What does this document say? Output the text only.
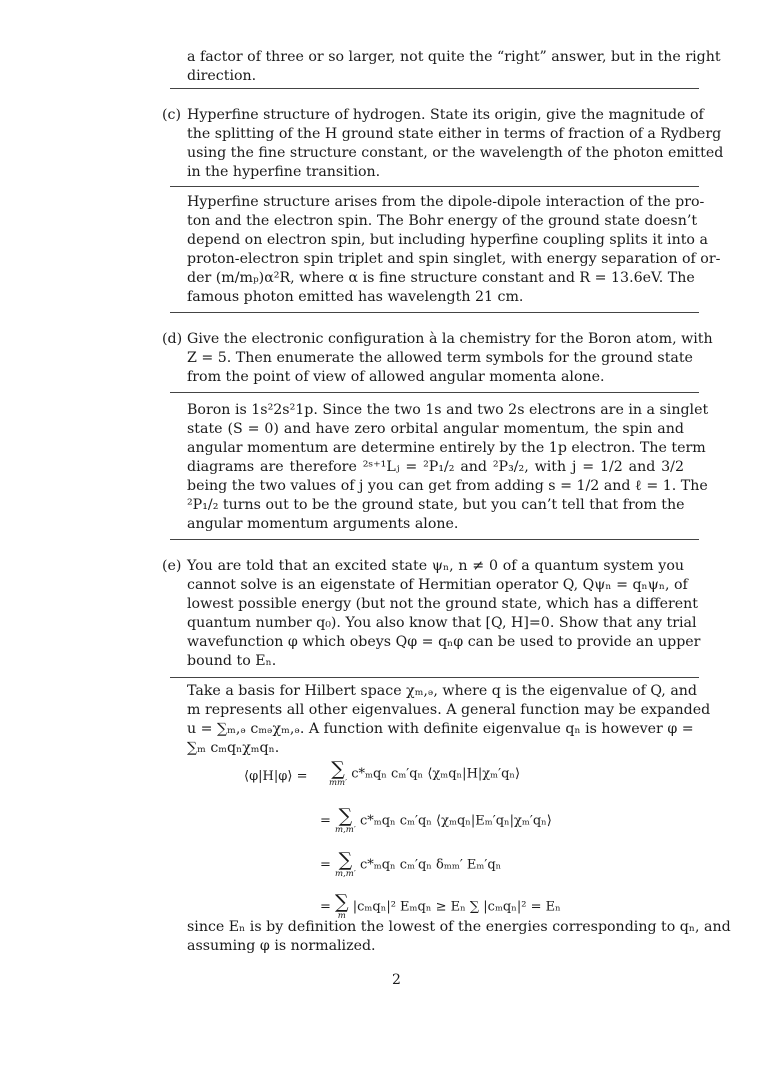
a factor of three or so larger, not quite the “right” answer, but in the right
direction.
(c) Hyperfine structure of hydrogen. State its origin, give the magnitude of
the splitting of the H ground state either in terms of fraction of a Rydberg
using the fine structure constant, or the wavelength of the photon emitted
in the hyperfine transition.
Hyperfine structure arises from the dipole-dipole interaction of the pro-
ton and the electron spin. The Bohr energy of the ground state doesn’t
depend on electron spin, but including hyperfine coupling splits it into a
proton-electron spin triplet and spin singlet, with energy separation of or-
der (m/mₚ)α²R, where α is fine structure constant and R = 13.6eV. The
famous photon emitted has wavelength 21 cm.
(d) Give the electronic configuration à la chemistry for the Boron atom, with
Z = 5. Then enumerate the allowed term symbols for the ground state
from the point of view of allowed angular momenta alone.
Boron is 1s²2s²1p. Since the two 1s and two 2s electrons are in a singlet
state (S = 0) and have zero orbital angular momentum, the spin and
angular momentum are determine entirely by the 1p electron. The term
diagrams are therefore ²ˢ⁺¹Lⱼ = ²P₁/₂ and ²P₃/₂, with j = 1/2 and 3/2
being the two values of j you can get from adding s = 1/2 and ℓ = 1. The
²P₁/₂ turns out to be the ground state, but you can’t tell that from the
angular momentum arguments alone.
(e) You are told that an excited state ψₙ, n ≠ 0 of a quantum system you
cannot solve is an eigenstate of Hermitian operator Q, Qψₙ = qₙψₙ, of
lowest possible energy (but not the ground state, which has a different
quantum number q₀). You also know that [Q, H]=0. Show that any trial
wavefunction φ which obeys Qφ = qₙφ can be used to provide an upper
bound to Eₙ.
Take a basis for Hilbert space χₘ,ₔ, where q is the eigenvalue of Q, and
m represents all other eigenvalues. A general function may be expanded
u = ∑ₘ,ₔ cₘₔχₘ,ₔ. A function with definite eigenvalue qₙ is however φ =
∑ₘ cₘqₙχₘqₙ.
⟨φ|H|φ⟩ = ∑
mm′
c*ₘqₙ cₘ′qₙ ⟨χₘqₙ|H|χₘ′qₙ⟩
= ∑
m,m′
c*ₘqₙ cₘ′qₙ ⟨χₘqₙ|Eₘ′qₙ|χₘ′qₙ⟩
= ∑
m,m′
c*ₘqₙ cₘ′qₙ δₘₘ′ Eₘ′qₙ
= ∑
m
|cₘqₙ|² Eₘqₙ ≥ Eₙ ∑ |cₘqₙ|² = Eₙ
since Eₙ is by definition the lowest of the energies corresponding to qₙ, and
assuming φ is normalized.
2
